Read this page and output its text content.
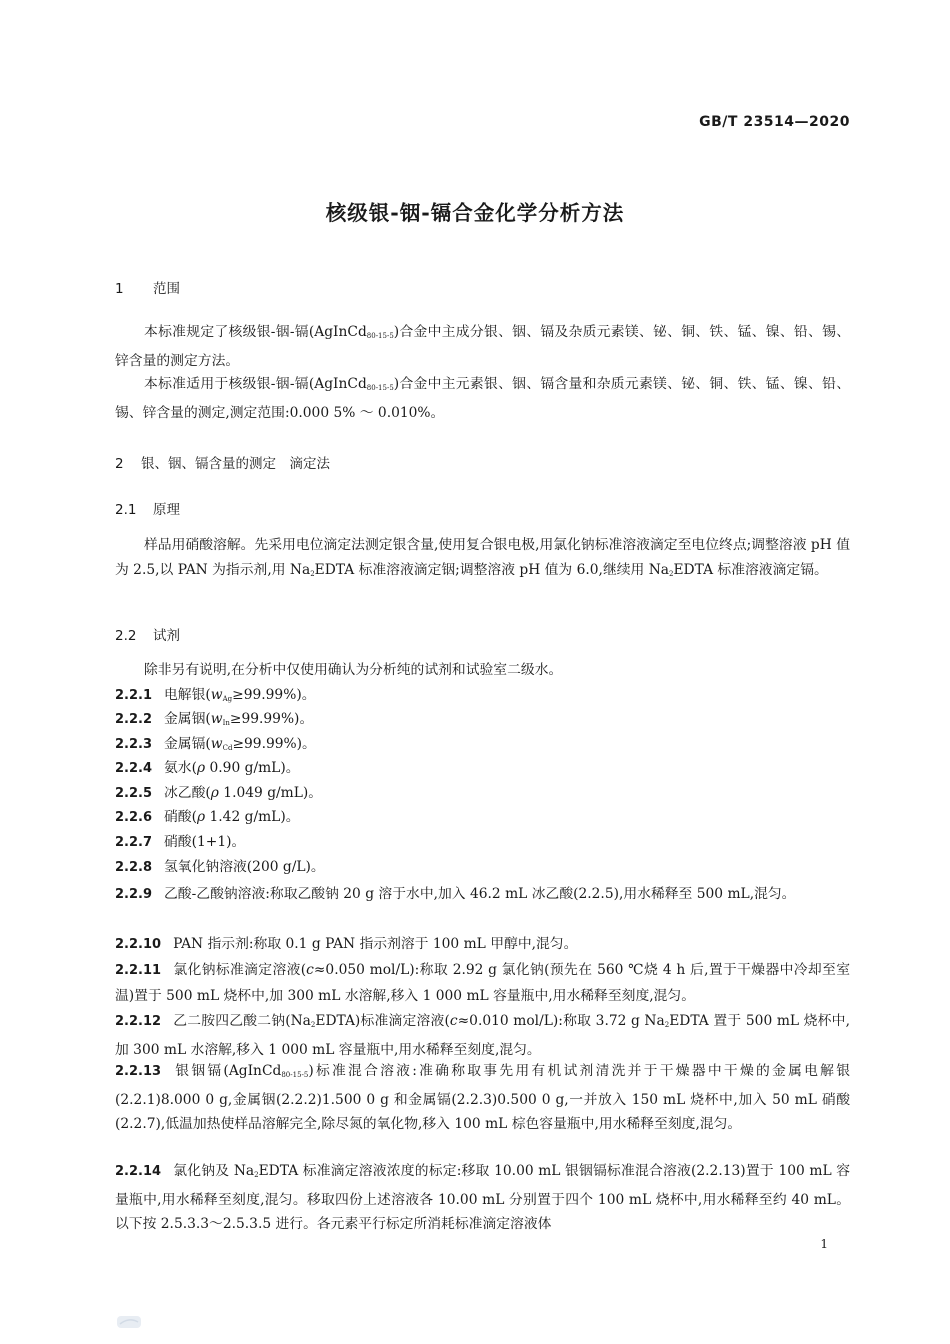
GB/T 23514—2020
核级银-铟-镉合金化学分析方法
1 范围
本标准规定了核级银-铟-镉(AgInCd$_{80-15-5}$)合金中主成分银、铟、镉及杂质元素镁、铋、铜、铁、锰、镍、铅、锡、锌含量的测定方法。
本标准适用于核级银-铟-镉(AgInCd$_{80-15-5}$)合金中主元素银、铟、镉含量和杂质元素镁、铋、铜、铁、锰、镍、铅、锡、锌含量的测定,测定范围:0.000 5% ～ 0.010%。
2 银、铟、镉含量的测定　滴定法
2.1 原理
样品用硝酸溶解。先采用电位滴定法测定银含量,使用复合银电极,用氯化钠标准溶液滴定至电位终点;调整溶液 pH 值为 2.5,以 PAN 为指示剂,用 $Na_2EDTA$ 标准溶液滴定铟;调整溶液 pH 值为 6.0,继续用 $Na_2EDTA$ 标准溶液滴定镉。
2.2 试剂
除非另有说明,在分析中仅使用确认为分析纯的试剂和试验室二级水。
2.2.1 电解银$(w_{Ag}\ge 99.99\%)$。
2.2.2 金属铟$(w_{In}\ge 99.99\%)$。
2.2.3 金属镉$(w_{Cd}\ge 99.99\%)$。
2.2.4 氨水(ρ 0.90 g/mL)。
2.2.5 冰乙酸(ρ 1.049 g/mL)。
2.2.6 硝酸(ρ 1.42 g/mL)。
2.2.7 硝酸(1+1)。
2.2.8 氢氧化钠溶液(200 g/L)。
2.2.9 乙酸-乙酸钠溶液:称取乙酸钠 20 g 溶于水中,加入 46.2 mL 冰乙酸(2.2.5),用水稀释至 500 mL,混匀。
2.2.10 PAN 指示剂:称取 0.1 g PAN 指示剂溶于 100 mL 甲醇中,混匀。
2.2.11 氯化钠标准滴定溶液(c≈0.050 mol/L):称取 2.92 g 氯化钠(预先在 560 ℃烧 4 h 后,置于干燥器中冷却至室温)置于 500 mL 烧杯中,加 300 mL 水溶解,移入 1 000 mL 容量瓶中,用水稀释至刻度,混匀。
2.2.12 乙二胺四乙酸二钠$(Na_2EDTA)$标准滴定溶液(c≈0.010 mol/L):称取 3.72 g $Na_2EDTA$ 置于 500 mL 烧杯中,加 300 mL 水溶解,移入 1 000 mL 容量瓶中,用水稀释至刻度,混匀。
2.2.13 银铟镉(AgInCd$_{80-15-5}$)标准混合溶液:准确称取事先用有机试剂清洗并于干燥器中干燥的金属电解银(2.2.1)8.000 0 g,金属铟(2.2.2)1.500 0 g 和金属镉(2.2.3)0.500 0 g,一并放入 150 mL 烧杯中,加入 50 mL 硝酸(2.2.7),低温加热使样品溶解完全,除尽氮的氧化物,移入 100 mL 棕色容量瓶中,用水稀释至刻度,混匀。
2.2.14 氯化钠及 $Na_2EDTA$ 标准滴定溶液浓度的标定:移取 10.00 mL 银铟镉标准混合溶液(2.2.13)置于 100 mL 容量瓶中,用水稀释至刻度,混匀。移取四份上述溶液各 10.00 mL 分别置于四个 100 mL 烧杯中,用水稀释至约 40 mL。以下按 2.5.3.3～2.5.3.5 进行。各元素平行标定所消耗标准滴定溶液体
1
